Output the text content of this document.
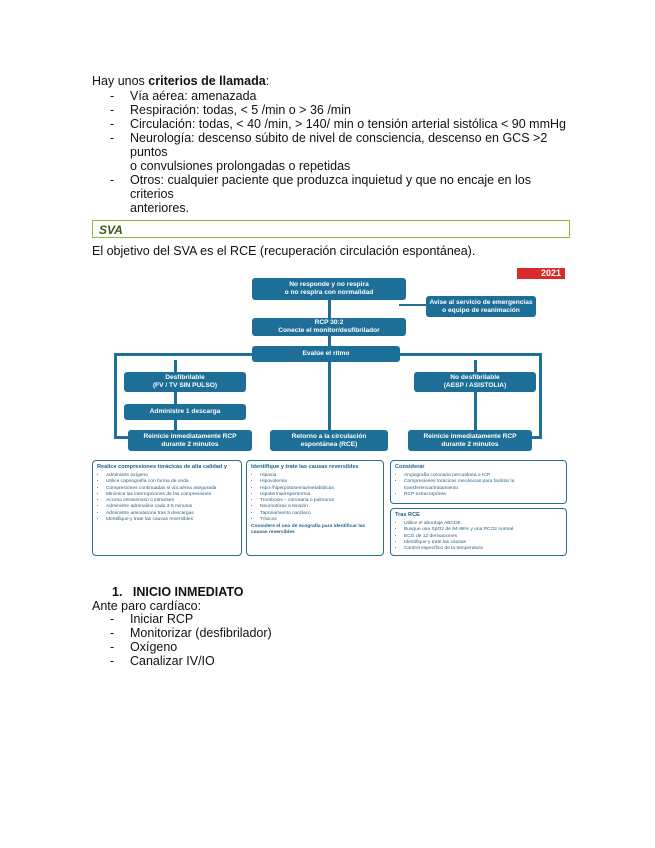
Hay unos criterios de llamada:
- Vía aérea: amenazada
- Respiración: todas, < 5 /min o > 36 /min
- Circulación: todas, < 40 /min, > 140/ min o tensión arterial sistólica < 90 mmHg
- Neurología: descenso súbito de nivel de consciencia, descenso en GCS >2 puntos
o convulsiones prolongadas o repetidas
- Otros: cualquier paciente que produzca inquietud y que no encaje en los criterios
anteriores.
SVA
El objetivo del SVA es el RCE (recuperación circulación espontánea).
2021
No responde y no respira
o no respira con normalidad
Avise al servicio de emergencias
o equipo de reanimación
RCP 30:2
Conecte el monitor/desfibrilador
Evalúe el ritmo
Desfibrilable
(FV / TV SIN PULSO)
Administre 1 descarga
No desfibrilable
(AESP / ASISTOLIA)
Reinicie inmediatamente RCP
durante 2 minutos
Retorno a la circulación
espontánea (RCE)
Reinicie inmediatamente RCP
durante 2 minutos
Realice compresiones torácicas de alta calidad y
• Administre oxígeno
• Utilice capnografía con forma de onda
• Compresiones continuadas si vía aérea asegurada
• Minimice las interrupciones de las compresiones
• Acceso intravenoso o intraóseo
• Administre adrenalina cada 3-5 minutos
• Administre amiodarona tras 3 descargas
• Identifique y trate las causas reversibles
Identifique y trate las causas reversibles
• Hipoxia
• Hipovolemia
• Hipo-/hiperpotasemia/metabólicas
• Hipotermia/Hipertermia
• Trombosis – coronaria o pulmonar
• Neumotórax a tensión
• Taponamiento cardíaco
• Tóxicos
Considere el uso de ecografía para identificar las causas reversibles
Considerar
• Angiografía coronaria percutánea e ICP
• Compresiones torácicas mecánicas para facilitar la transferencia/tratamiento
• RCP extracorpórea
Tras RCE
• Utilice el abordaje ABCDE
• Busque una SpO2 de 94-98% y una PCO2 normal
• ECG de 12 derivaciones
• Identifique y trate las causas
• Control específico de la temperatura
1. INICIO INMEDIATO
Ante paro cardíaco:
- Iniciar RCP
- Monitorizar (desfibrilador)
- Oxígeno
- Canalizar IV/IO
